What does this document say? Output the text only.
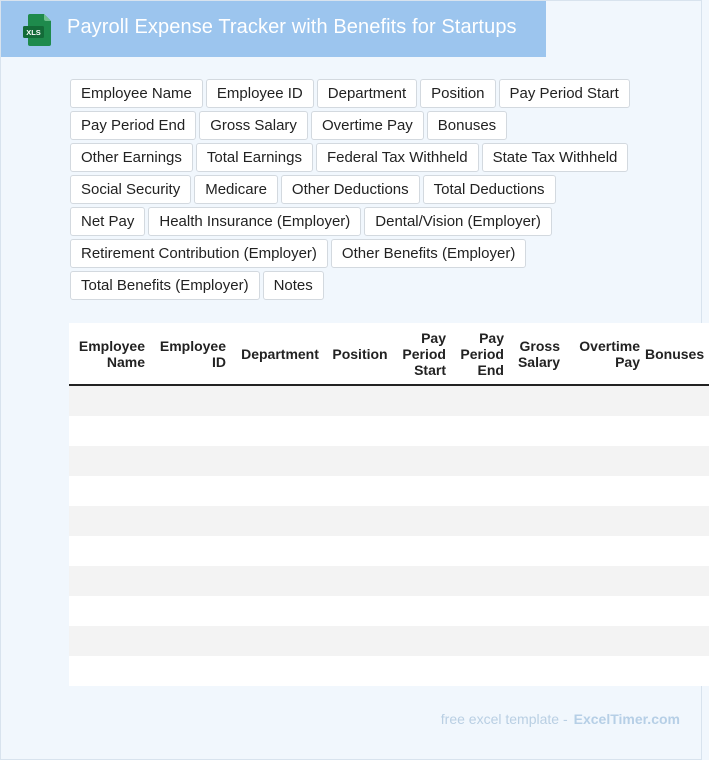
XLS Payroll Expense Tracker with Benefits for Startups
Employee Name	Employee ID	Department	Position	Pay Period Start
Pay Period End	Gross Salary	Overtime Pay	Bonuses
Other Earnings	Total Earnings	Federal Tax Withheld	State Tax Withheld
Social Security	Medicare	Other Deductions	Total Deductions
Net Pay	Health Insurance (Employer)	Dental/Vision (Employer)
Retirement Contribution (Employer)	Other Benefits (Employer)
Total Benefits (Employer)	Notes
Employee Name	Employee ID	Department	Position	Pay Period Start	Pay Period End	Gross Salary	Overtime Pay	Bonuses

free excel template - ExcelTimer.com
